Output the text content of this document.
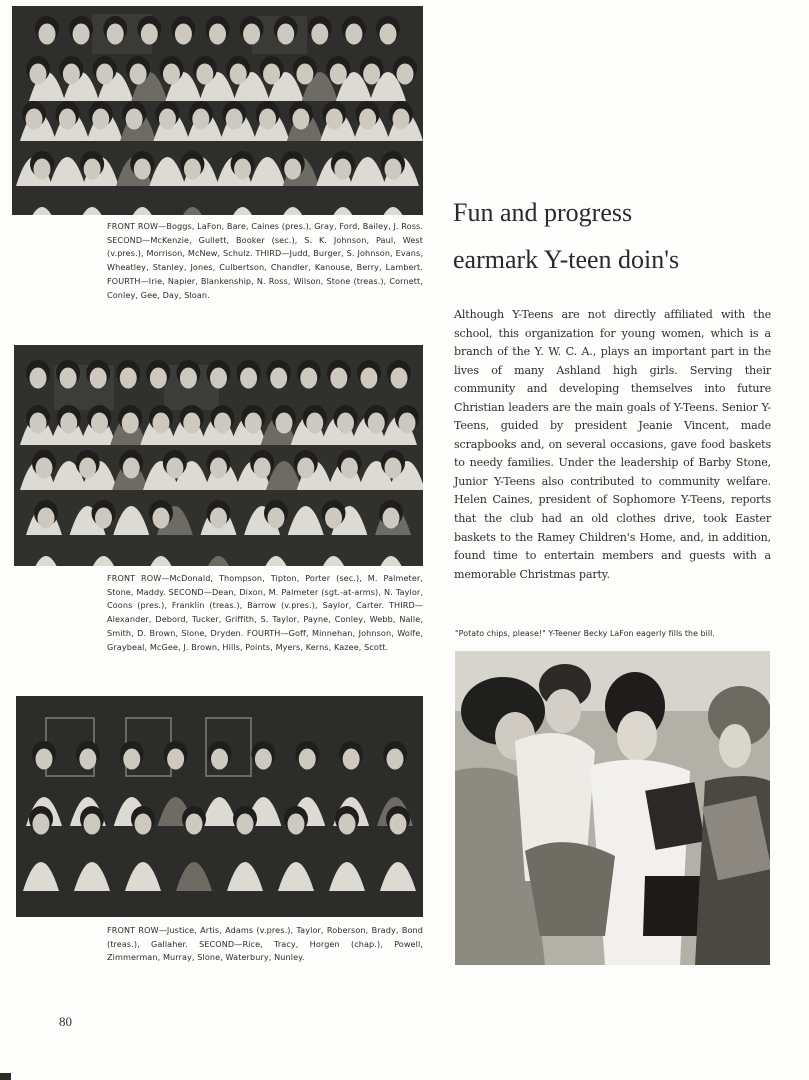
FRONT ROW—Boggs, LaFon, Bare, Caines (pres.), Gray, Ford, Bailey, J. Ross. SECOND—McKenzie, Gullett, Booker (sec.), S. K. Johnson, Paul, West (v.pres.), Morrison, McNew, Schulz. THIRD—Judd, Burger, S. Johnson, Evans, Wheatley, Stanley, Jones, Culbertson, Chandler, Kanouse, Berry, Lambert. FOURTH—Irie, Napier, Blankenship, N. Ross, Wilson, Stone (treas.), Cornett, Conley, Gee, Day, Sloan.
FRONT ROW—McDonald, Thompson, Tipton, Porter (sec.), M. Palmeter, Stone, Maddy. SECOND—Dean, Dixon, M. Palmeter (sgt.-at-arms), N. Taylor, Coons (pres.), Franklin (treas.), Barrow (v.pres.), Saylor, Carter. THIRD—Alexander, Debord, Tucker, Griffith, S. Taylor, Payne, Conley, Webb, Nalle, Smith, D. Brown, Slone, Dryden. FOURTH—Goff, Minnehan, Johnson, Wolfe, Graybeal, McGee, J. Brown, Hills, Points, Myers, Kerns, Kazee, Scott.
FRONT ROW—Justice, Artis, Adams (v.pres.), Taylor, Roberson, Brady, Bond (treas.), Gallaher. SECOND—Rice, Tracy, Horgen (chap.), Powell, Zimmerman, Murray, Slone, Waterbury, Nunley.
Fun and progress
earmark Y-teen doin's
Although Y-Teens are not directly affiliated with the school, this organization for young women, which is a branch of the Y. W. C. A., plays an important part in the lives of many Ashland high girls. Serving their community and developing themselves into future Christian leaders are the main goals of Y-Teens. Senior Y-Teens, guided by president Jeanie Vincent, made scrapbooks and, on several occasions, gave food baskets to needy families. Under the leadership of Barby Stone, Junior Y-Teens also contributed to community welfare. Helen Caines, president of Sophomore Y-Teens, reports that the club had an old clothes drive, took Easter baskets to the Ramey Children's Home, and, in addition, found time to entertain members and guests with a memorable Christmas party.
"Potato chips, please!" Y-Teener Becky LaFon eagerly fills the bill.
80
